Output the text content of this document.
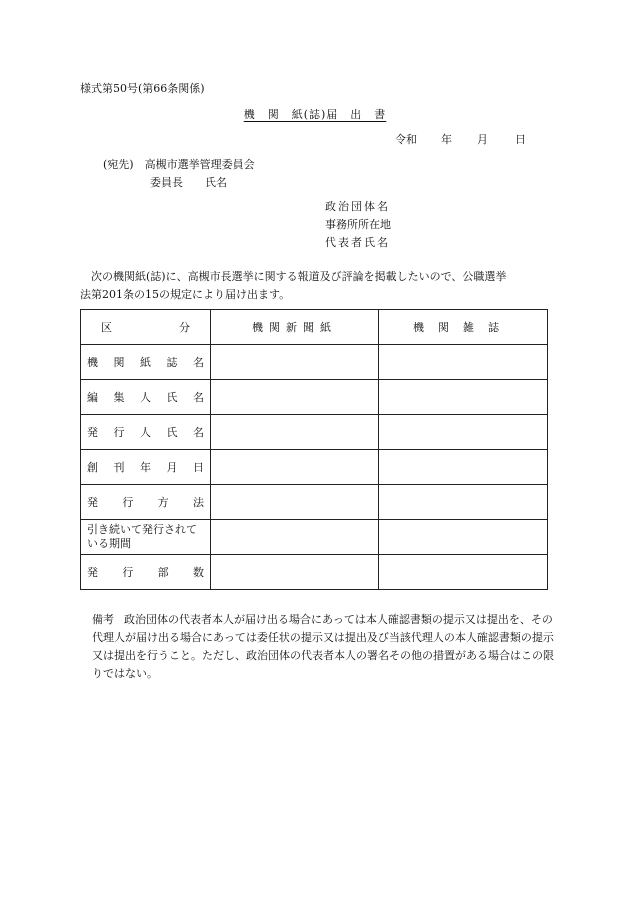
様式第50号(第66条関係)
機　関　紙(誌)届　出　書
令和 年 月 日
(宛先)　高槻市選挙管理委員会
委員長　　氏名
政治団体名
事務所所在地
代表者氏名

次の機関紙(誌)に、高槻市長選挙に関する報道及び評論を掲載したいので、公職選挙

法第201条の15の規定により届け出ます。

区 分	機関新聞紙	機関雑誌

機 関 紙 誌 名		

編 集 人 氏 名		

発 行 人 氏 名		

創 刊 年 月 日		

発 行 方 法		

引き続いて発行されている期間		

発 行 部 数		

備考 政治団体の代表者本人が届け出る場合にあっては本人確認書類の提示又は提出を、その代理人が届け出る場合にあっては委任状の提示又は提出及び当該代理人の本人確認書類の提示又は提出を行うこと。ただし、政治団体の代表者本人の署名その他の措置がある場合はこの限りではない。
